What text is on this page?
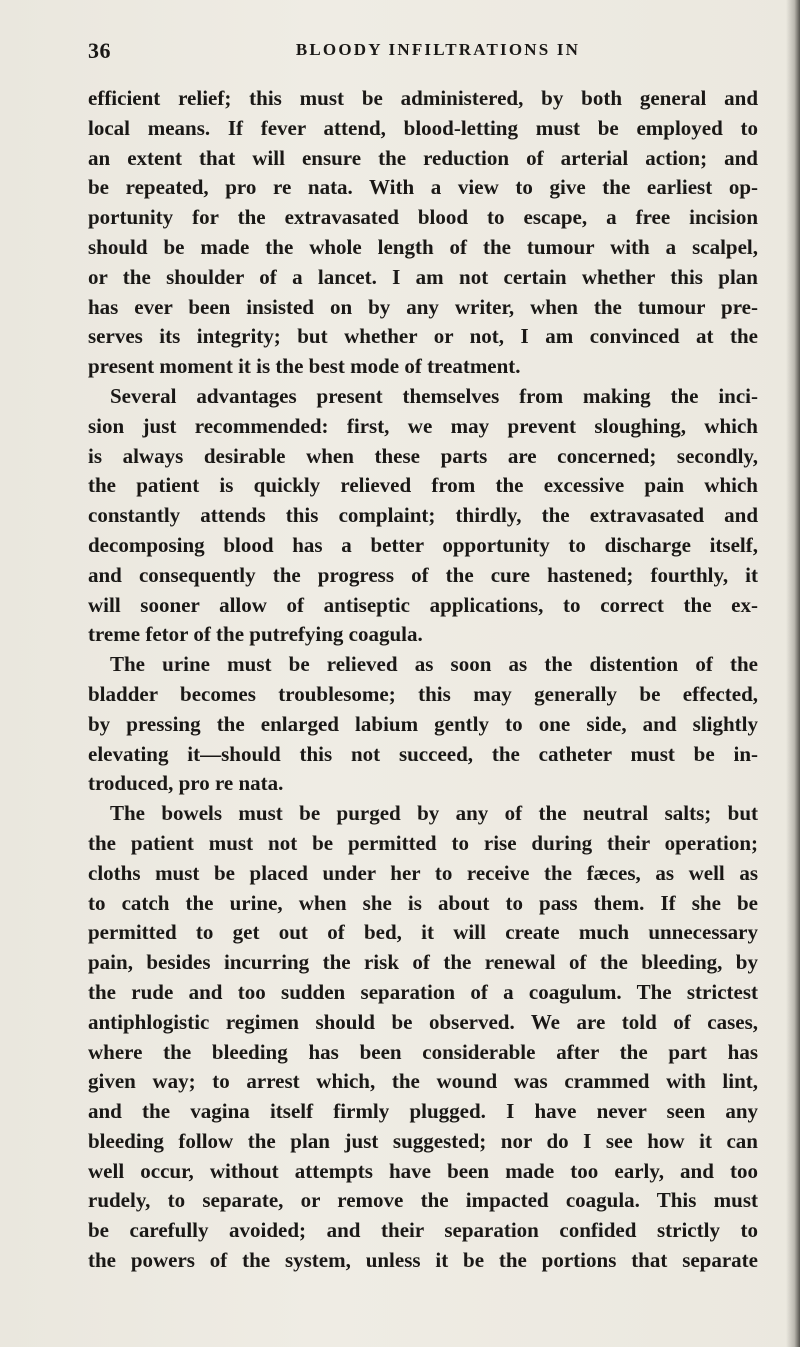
36	BLOODY INFILTRATIONS IN
efficient relief; this must be administered, by both general and
local means. If fever attend, blood-letting must be employed to
an extent that will ensure the reduction of arterial action; and
be repeated, pro re nata. With a view to give the earliest op-
portunity for the extravasated blood to escape, a free incision
should be made the whole length of the tumour with a scalpel,
or the shoulder of a lancet. I am not certain whether this plan
has ever been insisted on by any writer, when the tumour pre-
serves its integrity; but whether or not, I am convinced at the
present moment it is the best mode of treatment.
Several advantages present themselves from making the inci-
sion just recommended: first, we may prevent sloughing, which
is always desirable when these parts are concerned; secondly,
the patient is quickly relieved from the excessive pain which
constantly attends this complaint; thirdly, the extravasated and
decomposing blood has a better opportunity to discharge itself,
and consequently the progress of the cure hastened; fourthly, it
will sooner allow of antiseptic applications, to correct the ex-
treme fetor of the putrefying coagula.
The urine must be relieved as soon as the distention of the
bladder becomes troublesome; this may generally be effected,
by pressing the enlarged labium gently to one side, and slightly
elevating it—should this not succeed, the catheter must be in-
troduced, pro re nata.
The bowels must be purged by any of the neutral salts; but
the patient must not be permitted to rise during their operation;
cloths must be placed under her to receive the fæces, as well as
to catch the urine, when she is about to pass them. If she be
permitted to get out of bed, it will create much unnecessary
pain, besides incurring the risk of the renewal of the bleeding, by
the rude and too sudden separation of a coagulum. The strictest
antiphlogistic regimen should be observed. We are told of cases,
where the bleeding has been considerable after the part has
given way; to arrest which, the wound was crammed with lint,
and the vagina itself firmly plugged. I have never seen any
bleeding follow the plan just suggested; nor do I see how it can
well occur, without attempts have been made too early, and too
rudely, to separate, or remove the impacted coagula. This must
be carefully avoided; and their separation confided strictly to
the powers of the system, unless it be the portions that separate
